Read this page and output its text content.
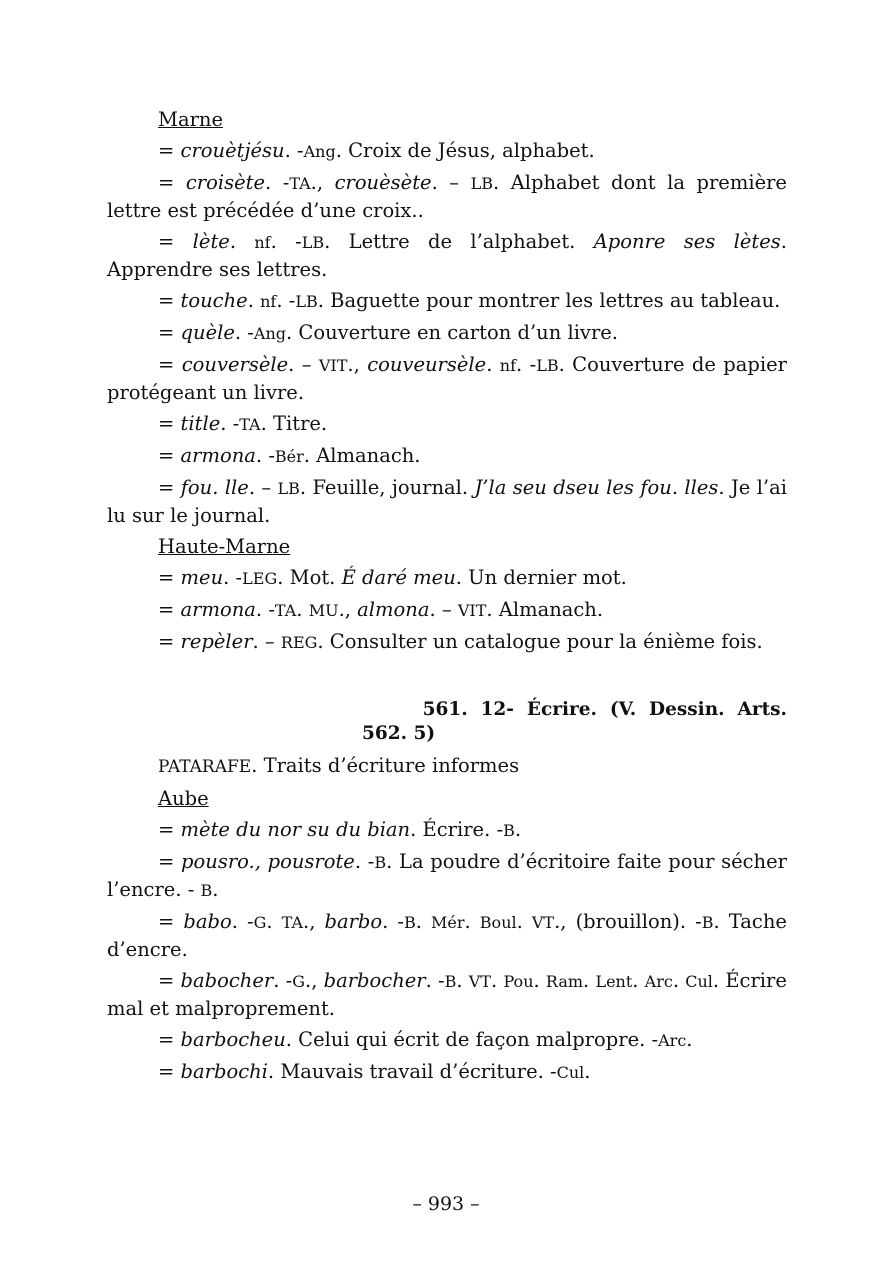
Marne
= crouètjésu. -Ang. Croix de Jésus, alphabet.
= croisète. -TA., crouèsète. – LB. Alphabet dont la première lettre est précédée d’une croix..
= lète. nf. -LB. Lettre de l’alphabet. Aponre ses lètes. Apprendre ses lettres.
= touche. nf. -LB. Baguette pour montrer les lettres au tableau.
= quèle. -Ang. Couverture en carton d’un livre.
= couversèle. – VIT., couveursèle. nf. -LB. Couverture de papier protégeant un livre.
= title. -TA. Titre.
= armona. -Bér. Almanach.
= fou. lle. – LB. Feuille, journal. J’la seu dseu les fou. lles. Je l’ai lu sur le journal.
Haute-Marne
= meu. -LEG. Mot. É daré meu. Un dernier mot.
= armona. -TA. MU., almona. – VIT. Almanach.
= repèler. – REG. Consulter un catalogue pour la énième fois.
561.  12-  Écrire.  (V.  Dessin.  Arts.
562. 5)
PATARAFE. Traits d’écriture informes
Aube
= mète du nor su du bian. Écrire. -B.
= pousro., pousrote. -B. La poudre d’écritoire faite pour sécher l’encre. - B.
= babo. -G. TA., barbo. -B. Mér. Boul. VT., (brouillon). -B. Tache d’encre.
= babocher. -G., barbocher. -B. VT. Pou. Ram. Lent. Arc. Cul. Écrire mal et malproprement.
= barbocheu. Celui qui écrit de façon malpropre. -Arc.
= barbochi. Mauvais travail d’écriture. -Cul.
– 993 –
